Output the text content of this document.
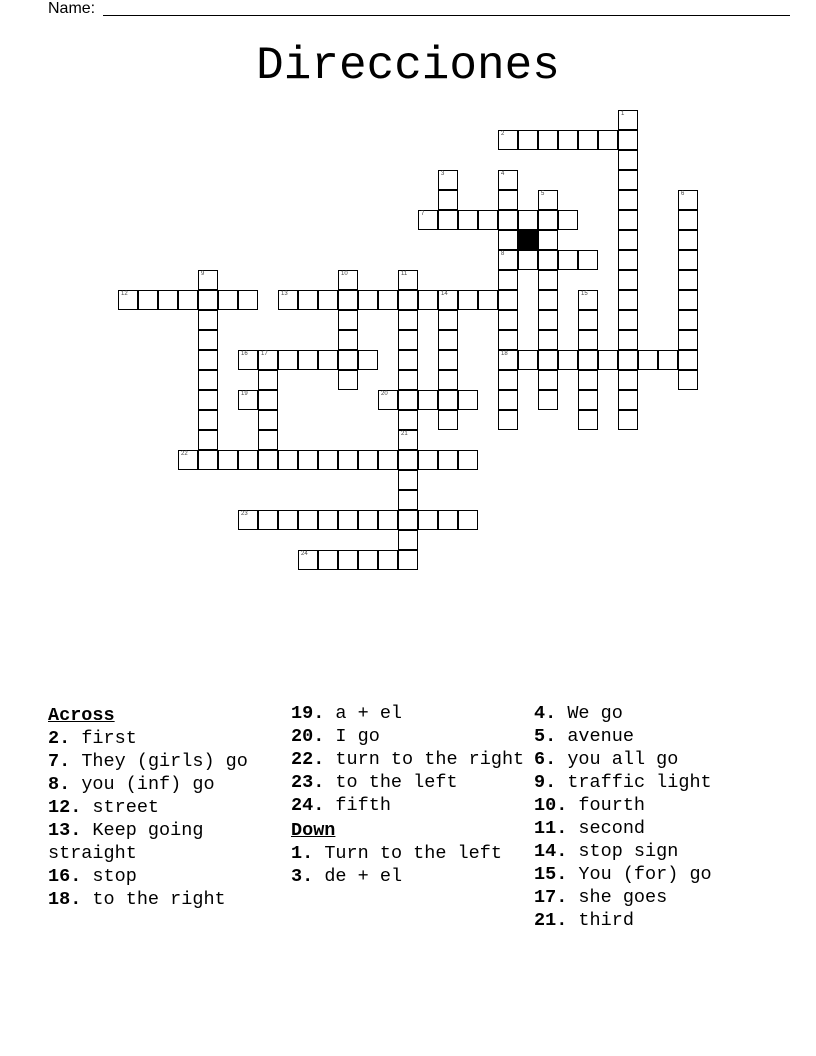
Name:
Direcciones
2
7
8
12	13	14
16 17	18
19	20
22
23
24
1
3	4
5	6
9	10	11
15
21
Across
2. first
7. They (girls) go
8. you (inf) go
12. street
13. Keep going straight
16. stop
18. to the right
19. a + el
20. I go
22. turn to the right
23. to the left
24. fifth
Down
1. Turn to the left
3. de + el
4. We go
5. avenue
6. you all go
9. traffic light
10. fourth
11. second
14. stop sign
15. You (for) go
17. she goes
21. third
